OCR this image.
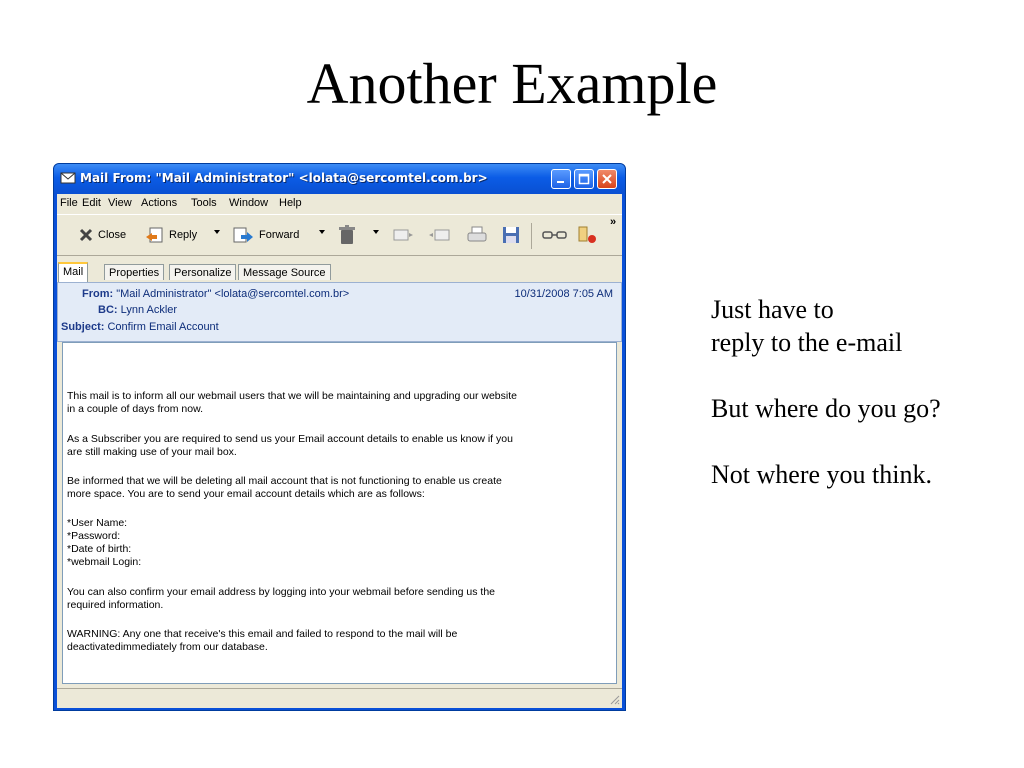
Another Example
Just have to
reply to the e-mail
But where do you go?
Not where you think.
Mail From: "Mail Administrator" <lolata@sercomtel.com.br>
File Edit View Actions Tools Window Help
Close	Reply	Forward
»
Mail	Properties	Personalize	Message Source
From: "Mail Administrator" <lolata@sercomtel.com.br>	10/31/2008 7:05 AM
BC: Lynn Ackler
Subject: Confirm Email Account
This mail is to inform all our webmail users that we will be maintaining and upgrading our website
in a couple of days from now.
As a Subscriber you are required to send us your Email account details to enable us know if you
are still making use of your mail box.
Be informed that we will be deleting all mail account that is not functioning to enable us create
more space. You are to send your email account details which are as follows:
*User Name:
*Password:
*Date of birth:
*webmail Login:
You can also confirm your email address by logging into your webmail before sending us the
required information.
WARNING: Any one that receive's this email and failed to respond to the mail will be
deactivatedimmediately from our database.
